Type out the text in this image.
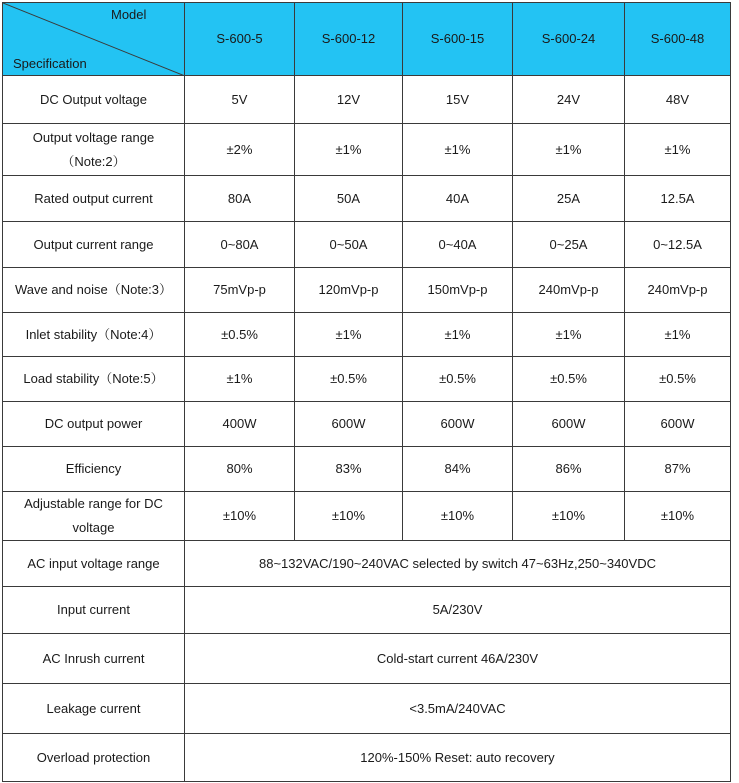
Model
Specification	S-600-5	S-600-12	S-600-15	S-600-24	S-600-48
DC Output voltage	5V	12V	15V	24V	48V

Output voltage range
（Note:2）	±2%	±1%	±1%	±1%	±1%
Rated output current	80A	50A	40A	25A	12.5A
Output current range	0~80A	0~50A	0~40A	0~25A	0~12.5A
Wave and noise（Note:3）	75mVp-p	120mVp-p	150mVp-p	240mVp-p	240mVp-p
Inlet stability（Note:4）	±0.5%	±1%	±1%	±1%	±1%
Load stability（Note:5）	±1%	±0.5%	±0.5%	±0.5%	±0.5%
DC output power	400W	600W	600W	600W	600W
Efficiency	80%	83%	84%	86%	87%

Adjustable range for DC
voltage	±10%	±10%	±10%	±10%	±10%
AC input voltage range	88~132VAC/190~240VAC selected by switch 47~63Hz,250~340VDC				
Input current	5A/230V				
AC Inrush current	Cold-start current 46A/230V				
Leakage current	<3.5mA/240VAC				
Overload protection	120%-150% Reset: auto recovery				
